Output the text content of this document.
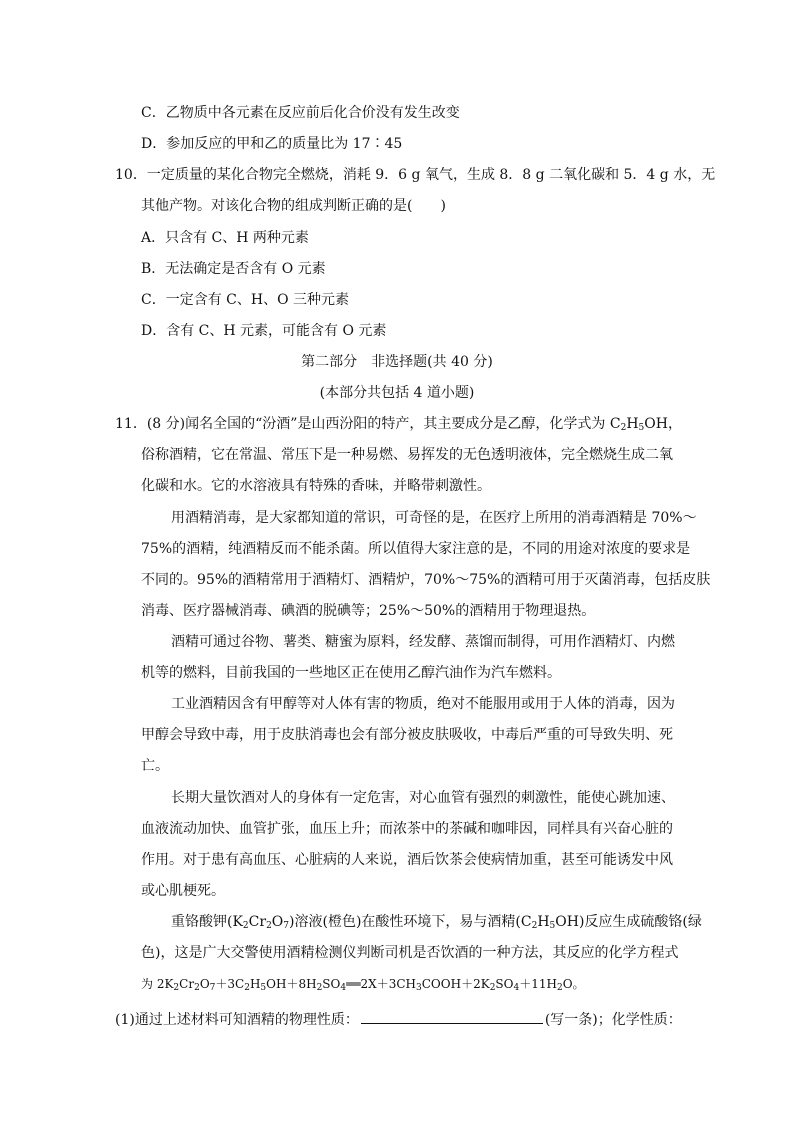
C．乙物质中各元素在反应前后化合价没有发生改变
D．参加反应的甲和乙的质量比为 17∶45
10．一定质量的某化合物完全燃烧，消耗 9．6 g 氧气，生成 8．8 g 二氧化碳和 5．4 g 水，无
其他产物。对该化合物的组成判断正确的是(　　)
A．只含有 C、H 两种元素
B．无法确定是否含有 O 元素
C．一定含有 C、H、O 三种元素
D．含有 C、H 元素，可能含有 O 元素
第二部分　非选择题(共 40 分)
(本部分共包括 4 道小题)
11．(8 分)闻名全国的“汾酒”是山西汾阳的特产，其主要成分是乙醇，化学式为 $C_2H_5OH$，
俗称酒精，它在常温、常压下是一种易燃、易挥发的无色透明液体，完全燃烧生成二氧
化碳和水。它的水溶液具有特殊的香味，并略带刺激性。
用酒精消毒，是大家都知道的常识，可奇怪的是，在医疗上所用的消毒酒精是 70%～
75%的酒精，纯酒精反而不能杀菌。所以值得大家注意的是，不同的用途对浓度的要求是
不同的。95%的酒精常用于酒精灯、酒精炉，70%～75%的酒精可用于灭菌消毒，包括皮肤
消毒、医疗器械消毒、碘酒的脱碘等；25%～50%的酒精用于物理退热。
酒精可通过谷物、薯类、糖蜜为原料，经发酵、蒸馏而制得，可用作酒精灯、内燃
机等的燃料，目前我国的一些地区正在使用乙醇汽油作为汽车燃料。
工业酒精因含有甲醇等对人体有害的物质，绝对不能服用或用于人体的消毒，因为
甲醇会导致中毒，用于皮肤消毒也会有部分被皮肤吸收，中毒后严重的可导致失明、死
亡。
长期大量饮酒对人的身体有一定危害，对心血管有强烈的刺激性，能使心跳加速、
血液流动加快、血管扩张，血压上升；而浓茶中的茶碱和咖啡因，同样具有兴奋心脏的
作用。对于患有高血压、心脏病的人来说，酒后饮茶会使病情加重，甚至可能诱发中风
或心肌梗死。
重铬酸钾$(K_2Cr_2O_7)$溶液(橙色)在酸性环境下，易与酒精$(C_2H_5OH)$反应生成硫酸铬(绿
色)，这是广大交警使用酒精检测仪判断司机是否饮酒的一种方法，其反应的化学方程式
为 $2K_2Cr_2O_7+3C_2H_5OH+8H_2SO_4══2X+3CH_3COOH+2K_2SO_4+11H_2O$。
(1)通过上述材料可知酒精的物理性质：	(写一条)；化学性质：
